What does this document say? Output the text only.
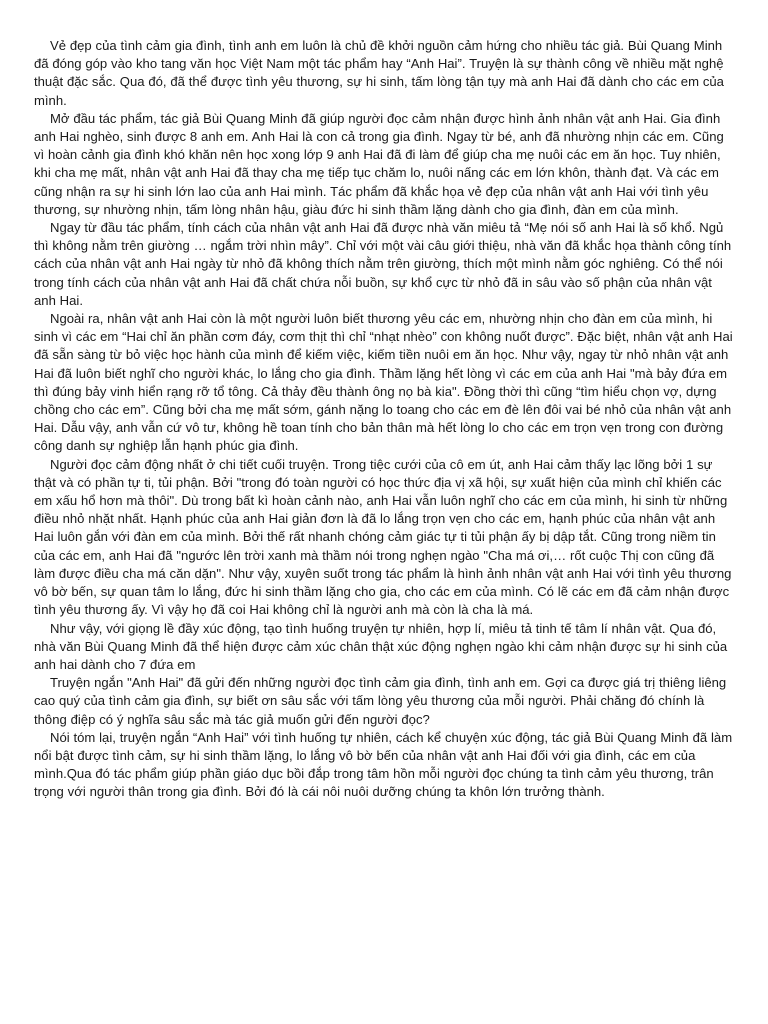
Vẻ đẹp của tình cảm gia đình, tình anh em luôn là chủ đề khởi nguồn cảm hứng cho nhiều tác giả. Bùi Quang Minh đã đóng góp vào kho tang văn học Việt Nam một tác phẩm hay “Anh Hai”. Truyện là sự thành công về nhiều mặt nghệ thuật đặc sắc. Qua đó, đã thể được tình yêu thương, sự hi sinh, tấm lòng tận tụy mà anh Hai đã dành cho các em của mình.

Mở đầu tác phẩm, tác giả Bùi Quang Minh đã giúp người đọc cảm nhận được hình ảnh nhân vật anh Hai. Gia đình anh Hai nghèo, sinh được 8 anh em. Anh Hai là con cả trong gia đình. Ngay từ bé, anh đã nhường nhịn các em. Cũng vì hoàn cảnh gia đình khó khăn nên học xong lớp 9 anh Hai đã đi làm để giúp cha mẹ nuôi các em ăn học. Tuy nhiên, khi cha mẹ mất, nhân vật anh Hai đã thay cha mẹ tiếp tục chăm lo, nuôi nấng các em lớn khôn, thành đạt. Và các em cũng nhận ra sự hi sinh lớn lao của anh Hai mình. Tác phẩm đã khắc họa vẻ đẹp của nhân vật anh Hai với tình yêu thương, sự nhường nhịn, tấm lòng nhân hậu, giàu đức hi sinh thầm lặng dành cho gia đình, đàn em của mình.

Ngay từ đầu tác phẩm, tính cách của nhân vật anh Hai đã được nhà văn miêu tả “Mẹ nói số anh Hai là số khổ. Ngủ thì không nằm trên giường … ngắm trời nhìn mây”. Chỉ với một vài câu giới thiệu, nhà văn đã khắc họa thành công tính cách của nhân vật anh Hai ngày từ nhỏ đã không thích nằm trên giường, thích một mình nằm góc nghiêng. Có thể nói trong tính cách của nhân vật anh Hai đã chất chứa nỗi buồn, sự khổ cực từ nhỏ đã in sâu vào số phận của nhân vật anh Hai.

Ngoài ra, nhân vật anh Hai còn là một người luôn biết thương yêu các em, nhường nhịn cho đàn em của mình, hi sinh vì các em “Hai chỉ ăn phần cơm đáy, cơm thịt thì chỉ “nhạt nhèo” con không nuốt được”. Đặc biệt, nhân vật anh Hai đã sẵn sàng từ bỏ việc học hành của mình để kiếm việc, kiếm tiền nuôi em ăn học. Như vậy, ngay từ nhỏ nhân vật anh Hai đã luôn biết nghĩ cho người khác, lo lắng cho gia đình. Thầm lặng hết lòng vì các em của anh Hai "mà bảy đứa em thì đúng bảy vinh hiển rạng rỡ tổ tông. Cả thảy đều thành ông nọ bà kia". Đồng thời thì cũng “tìm hiểu chọn vợ, dựng chồng cho các em”. Cũng bởi cha mẹ mất sớm, gánh nặng lo toang cho các em đè lên đôi vai bé nhỏ của nhân vật anh Hai. Dẫu vậy, anh vẫn cứ vô tư, không hề toan tính cho bản thân mà hết lòng lo cho các em trọn vẹn trong con đường công danh sự nghiệp lẫn hạnh phúc gia đình.

Người đọc cảm động nhất ở chi tiết cuối truyện. Trong tiệc cưới của cô em út, anh Hai cảm thấy lạc lõng bởi 1 sự thật và có phần tự ti, tủi phận. Bởi "trong đó toàn người có học thức địa vị xã hội, sự xuất hiện của mình chỉ khiến các em xấu hổ hơn mà thôi". Dù trong bất kì hoàn cảnh nào, anh Hai vẫn luôn nghĩ cho các em của mình, hi sinh từ những điều nhỏ nhặt nhất. Hạnh phúc của anh Hai giản đơn là đã lo lắng trọn vẹn cho các em, hạnh phúc của nhân vật anh Hai luôn gắn với đàn em của mình. Bởi thế rất nhanh chóng cảm giác tự ti tủi phận ấy bị dập tắt. Cũng trong niềm tin của các em, anh Hai đã "ngước lên trời xanh mà thầm nói trong nghẹn ngào "Cha má ơi,… rốt cuộc Thị con cũng đã làm được điều cha má căn dặn". Như vậy, xuyên suốt trong tác phẩm là hình ảnh nhân vật anh Hai với tình yêu thương vô bờ bến, sự quan tâm lo lắng, đức hi sinh thầm lặng cho gia, cho các em của mình. Có lẽ các em đã cảm nhận được tình yêu thương ấy. Vì vậy họ đã coi Hai không chỉ là người anh mà còn là cha là má.

Như vậy, với giọng lề đầy xúc động, tạo tình huống truyện tự nhiên, hợp lí, miêu tả tinh tế tâm lí nhân vật. Qua đó, nhà văn Bùi Quang Minh đã thể hiện được cảm xúc chân thật xúc động nghẹn ngào khi cảm nhận được sự hi sinh của anh hai dành cho 7 đứa em

Truyện ngắn "Anh Hai" đã gửi đến những người đọc tình cảm gia đình, tình anh em. Gợi ca được giá trị thiêng liêng cao quý của tình cảm gia đình, sự biết ơn sâu sắc với tấm lòng yêu thương của mỗi người. Phải chăng đó chính là thông điệp có ý nghĩa sâu sắc mà tác giả muốn gửi đến người đọc?

Nói tóm lại, truyện ngắn “Anh Hai” với tình huống tự nhiên, cách kể chuyện xúc động, tác giả Bùi Quang Minh đã làm nổi bật được tình cảm, sự hi sinh thầm lặng, lo lắng vô bờ bến của nhân vật anh Hai đối với gia đình, các em của mình.Qua đó tác phẩm giúp phần giáo dục bồi đắp trong tâm hồn mỗi người đọc chúng ta tình cảm yêu thương, trân trọng với người thân trong gia đình. Bởi đó là cái nôi nuôi dưỡng chúng ta khôn lớn trưởng thành.
